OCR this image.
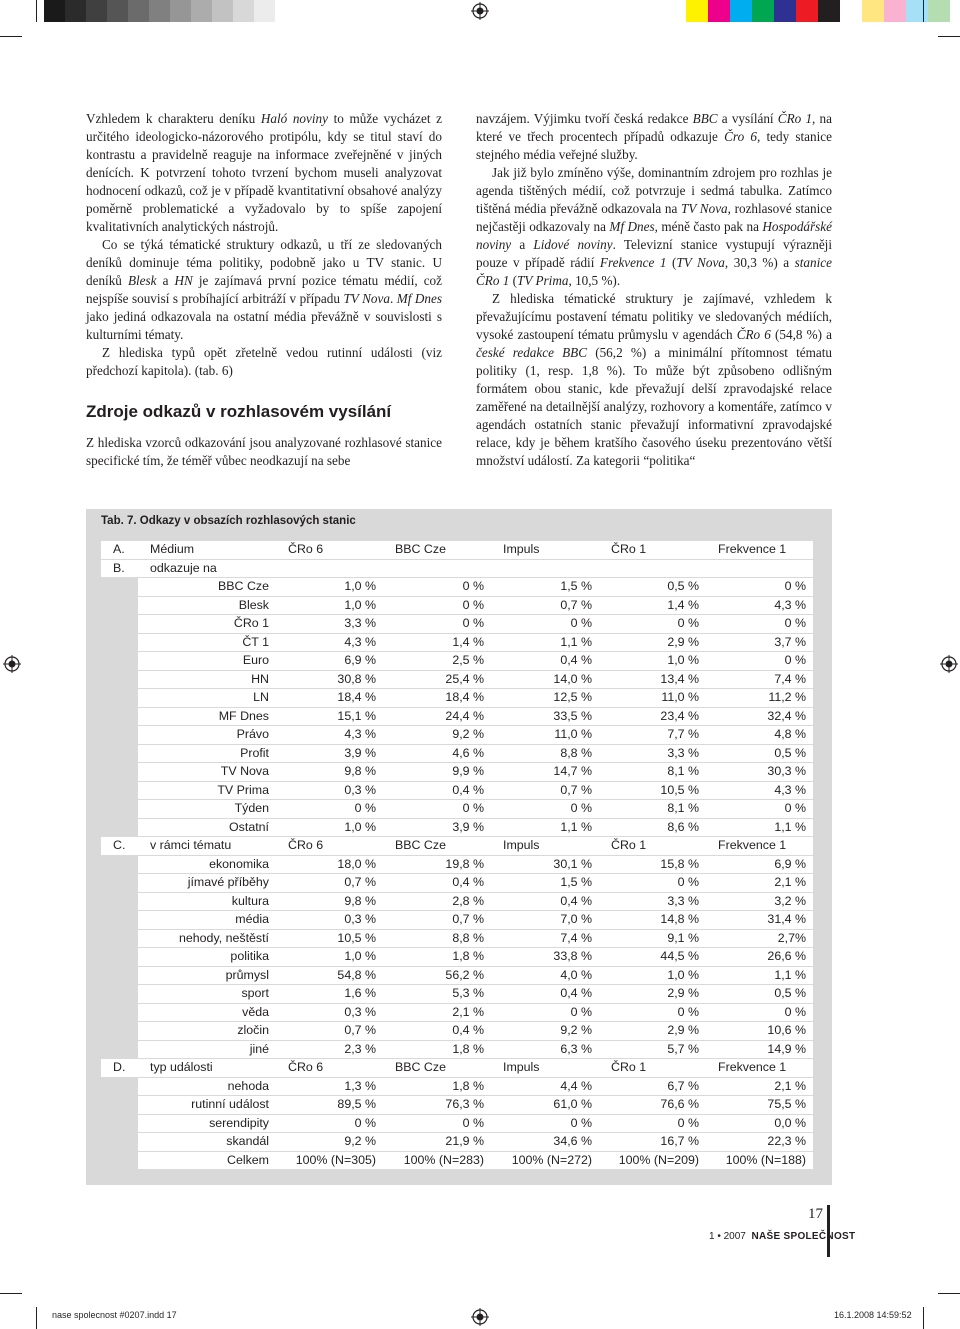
Vzhledem k charakteru deníku Haló noviny to může vycházet z určitého ideologicko-názorového protipólu, kdy se titul staví do kontrastu a pravidelně reaguje na informace zveřejněné v jiných denících. K potvrzení tohoto tvrzení bychom museli analyzovat hodnocení odkazů, což je v případě kvantitativní obsahové analýzy poměrně problematické a vyžadovalo by to spíše zapojení kvalitativních analytických nástrojů.

Co se týká tématické struktury odkazů, u tří ze sledovaných deníků dominuje téma politiky, podobně jako u TV stanic. U deníků Blesk a HN je zajímavá první pozice tématu médií, což nejspíše souvisí s probíhající arbitráží v případu TV Nova. Mf Dnes jako jediná odkazovala na ostatní média převážně v souvislosti s kulturními tématy.

Z hlediska typů opět zřetelně vedou rutinní události (viz předchozí kapitola). (tab. 6)

Zdroje odkazů v rozhlasovém vysílání

Z hlediska vzorců odkazování jsou analyzované rozhlasové stanice specifické tím, že téměř vůbec neodkazují na sebe

navzájem. Výjimku tvoří česká redakce BBC a vysílání ČRo 1, na které ve třech procentech případů odkazuje Čro 6, tedy stanice stejného média veřejné služby.

Jak již bylo zmíněno výše, dominantním zdrojem pro rozhlas je agenda tištěných médií, což potvrzuje i sedmá tabulka. Zatímco tištěná média převážně odkazovala na TV Nova, rozhlasové stanice nejčastěji odkazovaly na Mf Dnes, méně často pak na Hospodářské noviny a Lidové noviny. Televizní stanice vystupují výrazněji pouze v případě rádií Frekvence 1 (TV Nova, 30,3 %) a stanice ČRo 1 (TV Prima, 10,5 %).

Z hlediska tématické struktury je zajímavé, vzhledem k převažujícímu postavení tématu politiky ve sledovaných médiích, vysoké zastoupení tématu průmyslu v agendách ČRo 6 (54,8 %) a české redakce BBC (56,2 %) a minimální přítomnost tématu politiky (1, resp. 1,8 %). To může být způsobeno odlišným formátem obou stanic, kde převažují delší zpravodajské relace zaměřené na detailnější analýzy, rozhovory a komentáře, zatímco v agendách ostatních stanic převažují informativní zpravodajské relace, kdy je během kratšího časového úseku prezentováno větší množství událostí. Za kategorii “politika“

Tab. 7. Odkazy v obsazích rozhlasových stanic
A.	Médium	ČRo 6	BBC Cze	Impuls	ČRo 1	Frekvence 1
B.	odkazuje na					
	BBC Cze	1,0 %	0 %	1,5 %	0,5 %	0 %
	Blesk	1,0 %	0 %	0,7 %	1,4 %	4,3 %
	ČRo 1	3,3 %	0 %	0 %	0 %	0 %
	ČT 1	4,3 %	1,4 %	1,1 %	2,9 %	3,7 %
	Euro	6,9 %	2,5 %	0,4 %	1,0 %	0 %
	HN	30,8 %	25,4 %	14,0 %	13,4 %	7,4 %
	LN	18,4 %	18,4 %	12,5 %	11,0 %	11,2 %
	MF Dnes	15,1 %	24,4 %	33,5 %	23,4 %	32,4 %
	Právo	4,3 %	9,2 %	11,0 %	7,7 %	4,8 %
	Profit	3,9 %	4,6 %	8,8 %	3,3 %	0,5 %
	TV Nova	9,8 %	9,9 %	14,7 %	8,1 %	30,3 %
	TV Prima	0,3 %	0,4 %	0,7 %	10,5 %	4,3 %
	Týden	0 %	0 %	0 %	8,1 %	0 %
	Ostatní	1,0 %	3,9 %	1,1 %	8,6 %	1,1 %
C.	v rámci tématu	ČRo 6	BBC Cze	Impuls	ČRo 1	Frekvence 1
	ekonomika	18,0 %	19,8 %	30,1 %	15,8 %	6,9 %
	jímavé příběhy	0,7 %	0,4 %	1,5 %	0 %	2,1 %
	kultura	9,8 %	2,8 %	0,4 %	3,3 %	3,2 %
	média	0,3 %	0,7 %	7,0 %	14,8 %	31,4 %
	nehody, neštěstí	10,5 %	8,8 %	7,4 %	9,1 %	2,7%
	politika	1,0 %	1,8 %	33,8 %	44,5 %	26,6 %
	průmysl	54,8 %	56,2 %	4,0 %	1,0 %	1,1 %
	sport	1,6 %	5,3 %	0,4 %	2,9 %	0,5 %
	věda	0,3 %	2,1 %	0 %	0 %	0 %
	zločin	0,7 %	0,4 %	9,2 %	2,9 %	10,6 %
	jiné	2,3 %	1,8 %	6,3 %	5,7 %	14,9 %
D.	typ události	ČRo 6	BBC Cze	Impuls	ČRo 1	Frekvence 1
	nehoda	1,3 %	1,8 %	4,4 %	6,7 %	2,1 %
	rutinní událost	89,5 %	76,3 %	61,0 %	76,6 %	75,5 %
	serendipity	0 %	0 %	0 %	0 %	0,0 %
	skandál	9,2 %	21,9 %	34,6 %	16,7 %	22,3 %
	Celkem	100% (N=305)	100% (N=283)	100% (N=272)	100% (N=209)	100% (N=188)
17
1 • 2007 NAŠE SPOLEČNOST
nase spolecnost #0207.indd 17	16.1.2008 14:59:52
